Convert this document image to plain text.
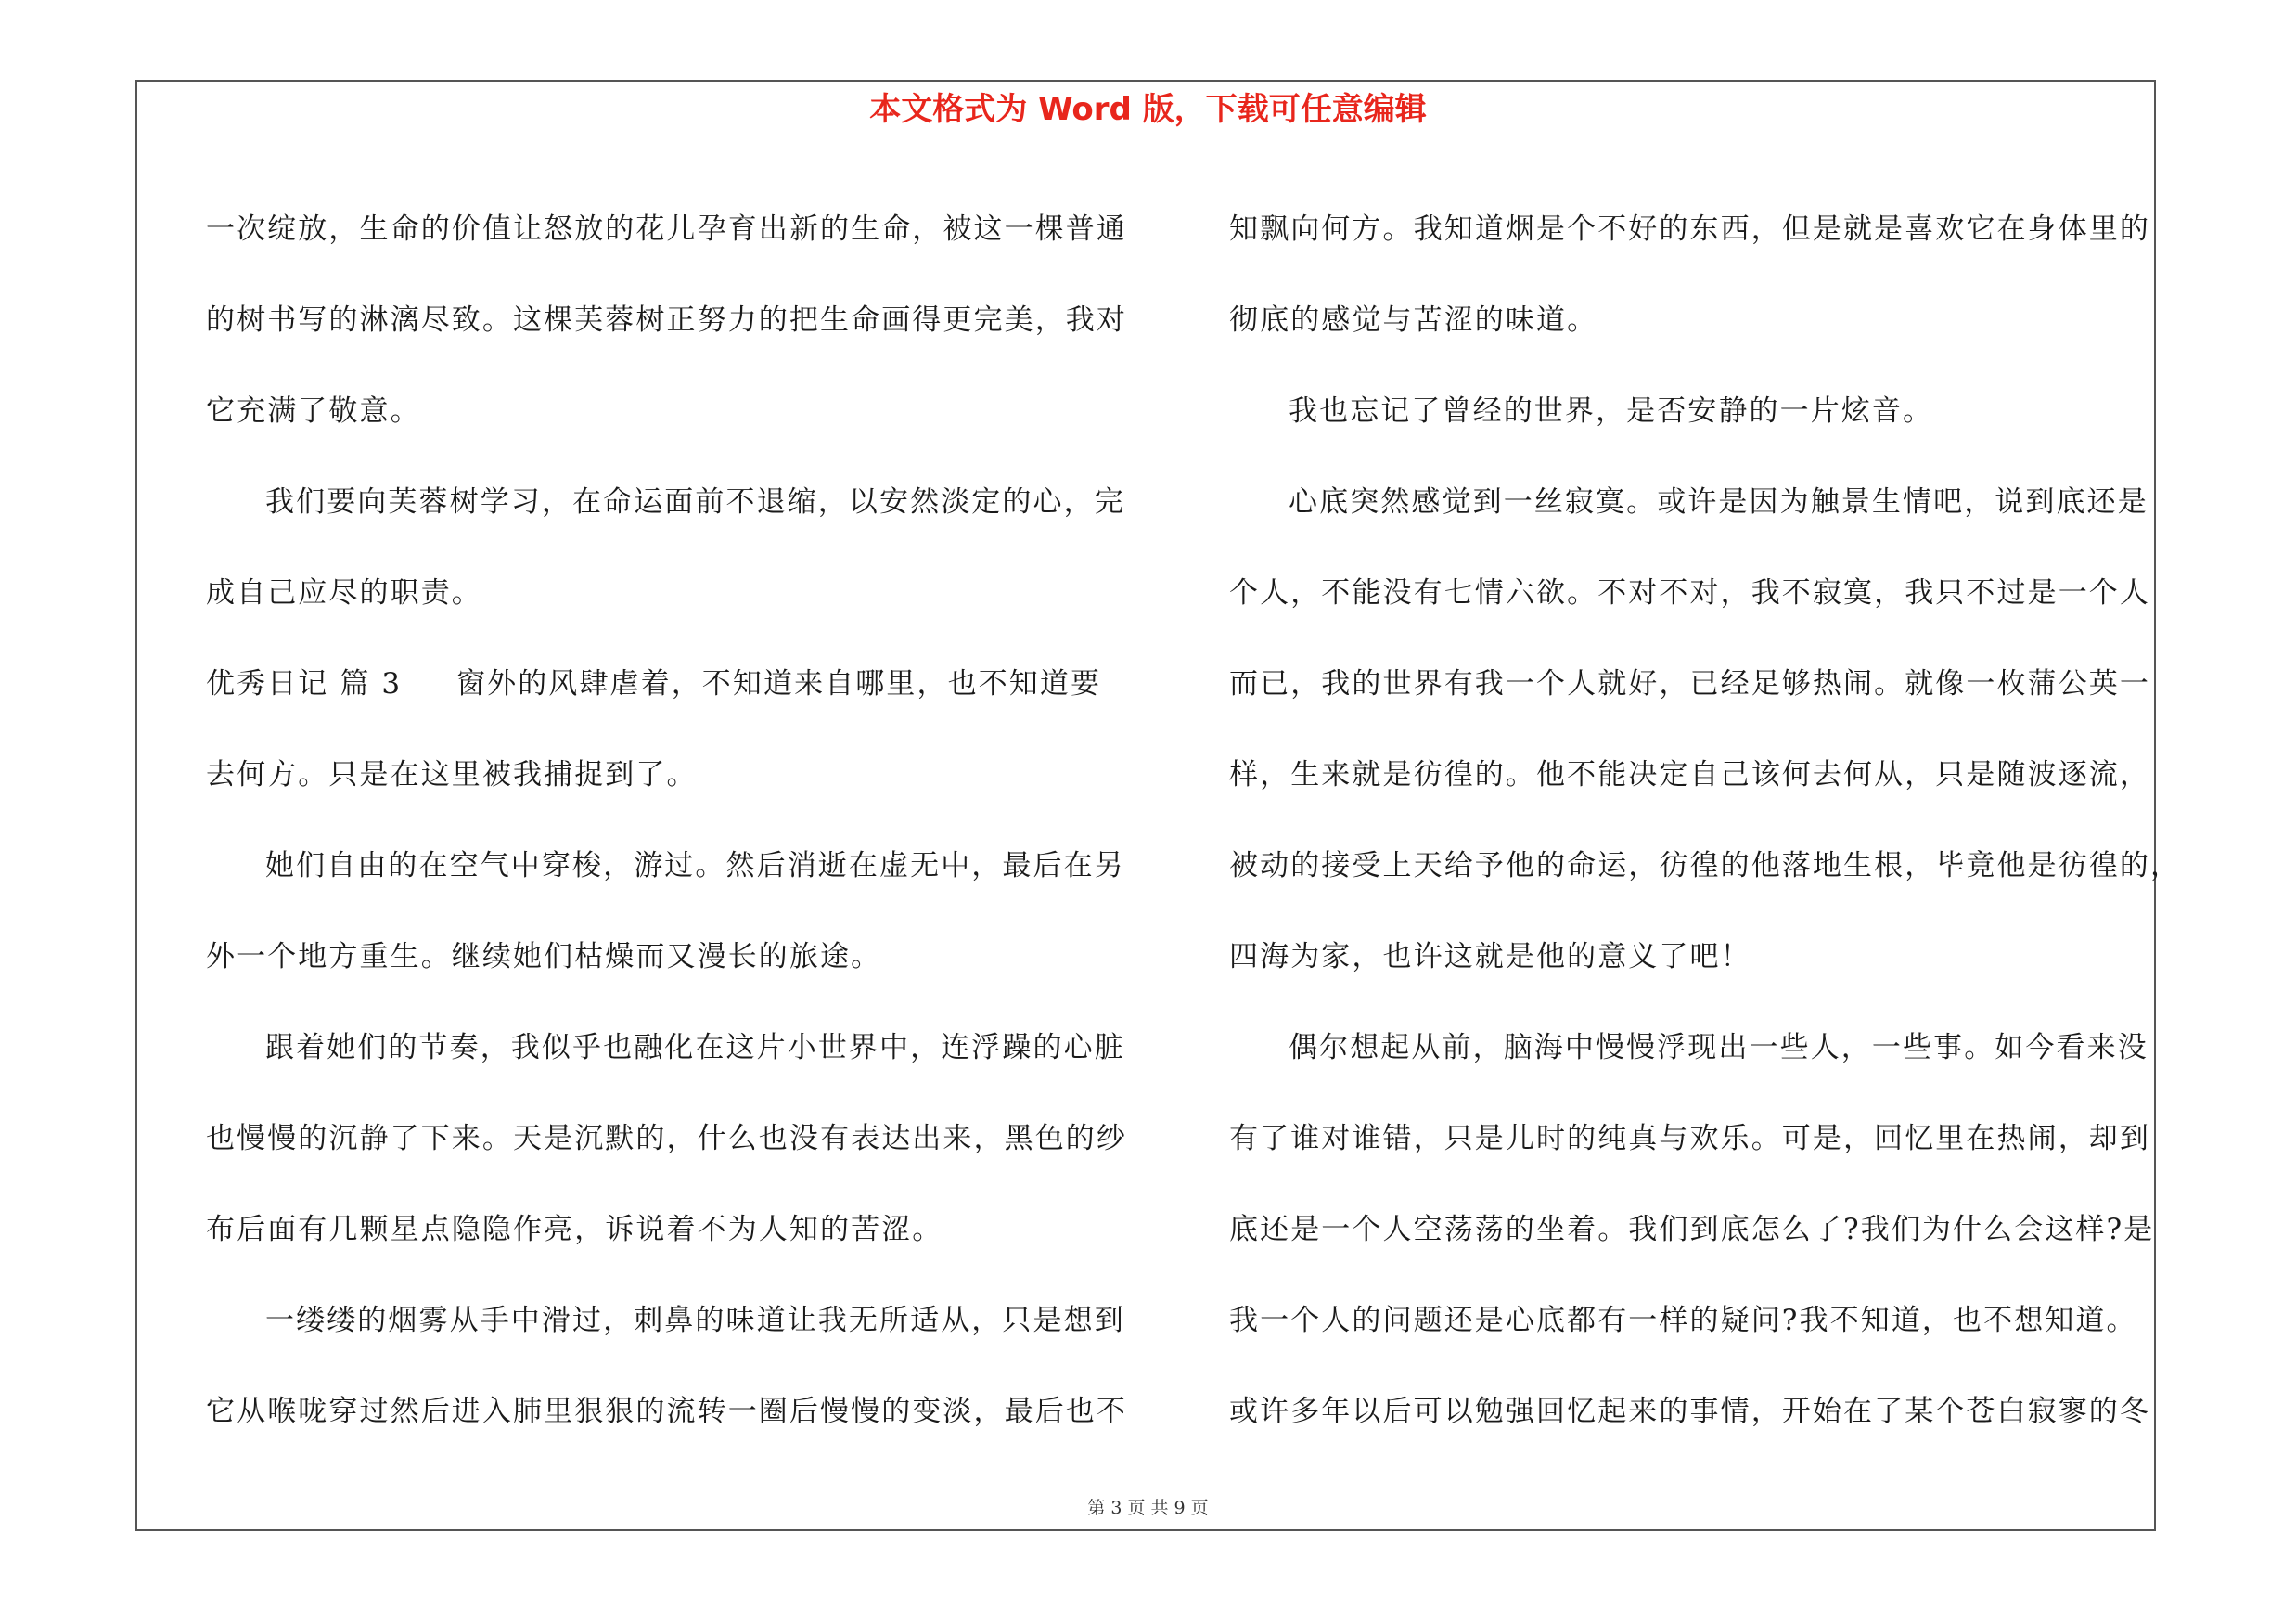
本文格式为 Word 版，下载可任意编辑
一次绽放，生命的价值让怒放的花儿孕育出新的生命，被这一棵普通
的树书写的淋漓尽致。这棵芙蓉树正努力的把生命画得更完美，我对
它充满了敬意。
我们要向芙蓉树学习，在命运面前不退缩，以安然淡定的心，完
成自己应尽的职责。
优秀日记 篇 3 窗外的风肆虐着，不知道来自哪里，也不知道要
去何方。只是在这里被我捕捉到了。
她们自由的在空气中穿梭，游过。然后消逝在虚无中，最后在另
外一个地方重生。继续她们枯燥而又漫长的旅途。
跟着她们的节奏，我似乎也融化在这片小世界中，连浮躁的心脏
也慢慢的沉静了下来。天是沉默的，什么也没有表达出来，黑色的纱
布后面有几颗星点隐隐作亮，诉说着不为人知的苦涩。
一缕缕的烟雾从手中滑过，刺鼻的味道让我无所适从，只是想到
它从喉咙穿过然后进入肺里狠狠的流转一圈后慢慢的变淡，最后也不
知飘向何方。我知道烟是个不好的东西，但是就是喜欢它在身体里的
彻底的感觉与苦涩的味道。
我也忘记了曾经的世界，是否安静的一片炫音。
心底突然感觉到一丝寂寞。或许是因为触景生情吧，说到底还是
个人，不能没有七情六欲。不对不对，我不寂寞，我只不过是一个人
而已，我的世界有我一个人就好，已经足够热闹。就像一枚蒲公英一
样，生来就是彷徨的。他不能决定自己该何去何从，只是随波逐流，
被动的接受上天给予他的命运，彷徨的他落地生根，毕竟他是彷徨的，
四海为家，也许这就是他的意义了吧！
偶尔想起从前，脑海中慢慢浮现出一些人，一些事。如今看来没
有了谁对谁错，只是儿时的纯真与欢乐。可是，回忆里在热闹，却到
底还是一个人空荡荡的坐着。我们到底怎么了?我们为什么会这样?是
我一个人的问题还是心底都有一样的疑问?我不知道，也不想知道。
或许多年以后可以勉强回忆起来的事情，开始在了某个苍白寂寥的冬
第 3 页 共 9 页
